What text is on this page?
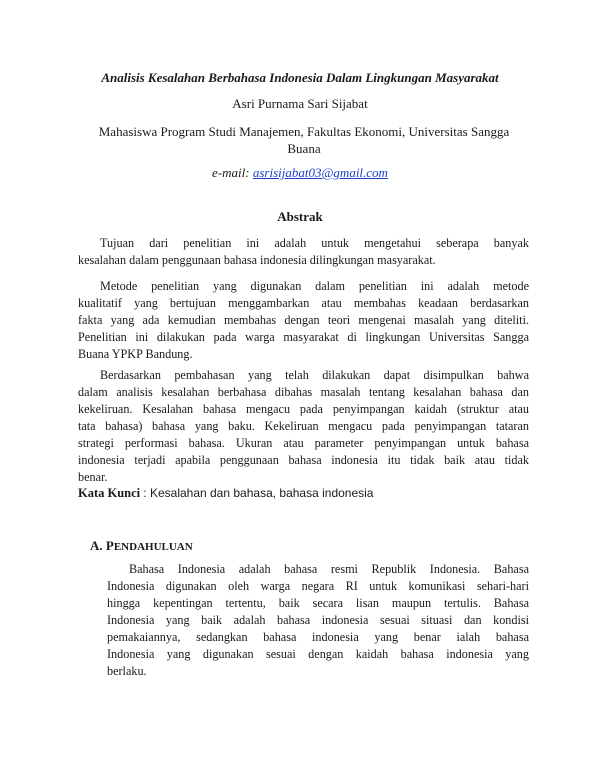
Analisis Kesalahan Berbahasa Indonesia Dalam Lingkungan Masyarakat
Asri Purnama Sari Sijabat
Mahasiswa Program Studi Manajemen, Fakultas Ekonomi, Universitas Sangga Buana
e-mail: asrisijabat03@gmail.com
Abstrak
Tujuan dari penelitian ini adalah untuk mengetahui seberapa banyak
kesalahan dalam penggunaan bahasa indonesia dilingkungan masyarakat.
Metode penelitian yang digunakan dalam penelitian ini adalah metode
kualitatif yang bertujuan menggambarkan atau membahas keadaan berdasarkan
fakta yang ada kemudian membahas dengan teori mengenai masalah yang diteliti.
Penelitian ini dilakukan pada warga masyarakat di lingkungan Universitas Sangga
Buana YPKP Bandung.
Berdasarkan pembahasan yang telah dilakukan dapat disimpulkan bahwa
dalam analisis kesalahan berbahasa dibahas masalah tentang kesalahan bahasa dan
kekeliruan. Kesalahan bahasa mengacu pada penyimpangan kaidah (struktur atau
tata bahasa) bahasa yang baku. Kekeliruan mengacu pada penyimpangan tataran
strategi performasi bahasa. Ukuran atau parameter penyimpangan untuk bahasa
indonesia terjadi apabila penggunaan bahasa indonesia itu tidak baik atau tidak
benar.
Kata Kunci : Kesalahan dan bahasa, bahasa indonesia
A. PENDAHULUAN
Bahasa Indonesia adalah bahasa resmi Republik Indonesia. Bahasa
Indonesia digunakan oleh warga negara RI untuk komunikasi sehari-hari
hingga kepentingan tertentu, baik secara lisan maupun tertulis. Bahasa
Indonesia yang baik adalah bahasa indonesia sesuai situasi dan kondisi
pemakaiannya, sedangkan bahasa indonesia yang benar ialah bahasa
Indonesia yang digunakan sesuai dengan kaidah bahasa indonesia yang
berlaku.
